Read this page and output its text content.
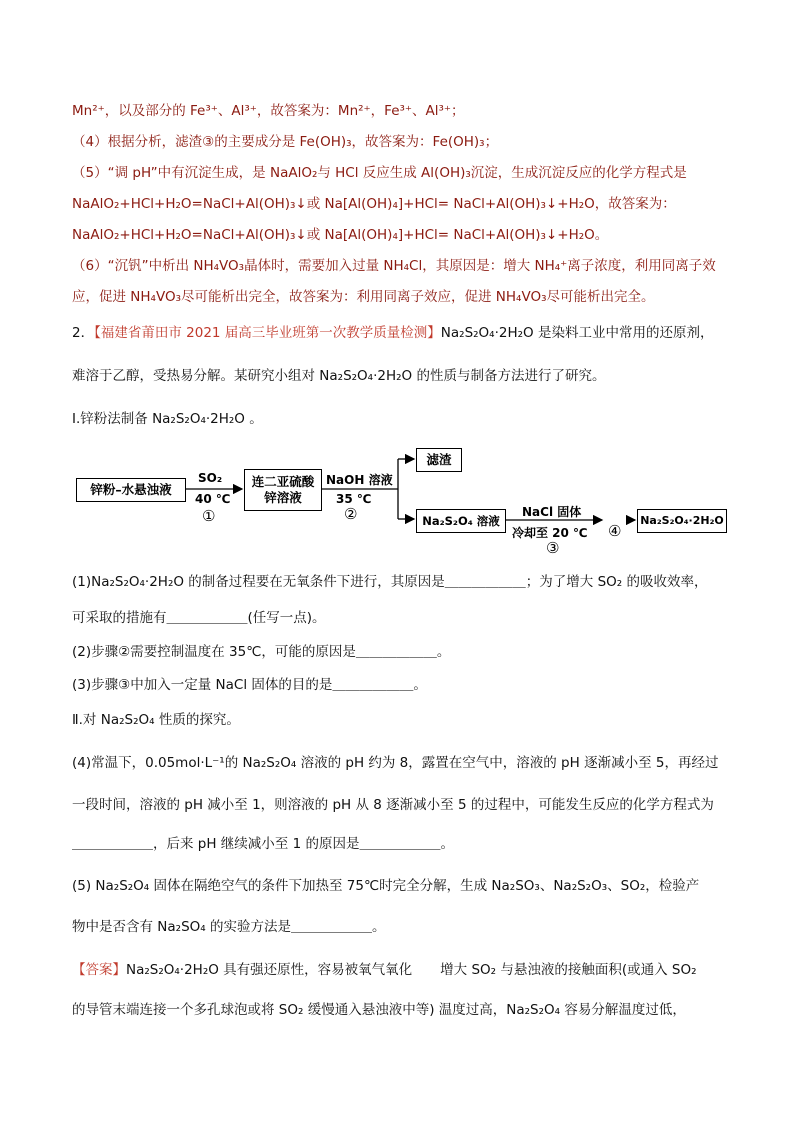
Mn²⁺，以及部分的 Fe³⁺、Al³⁺，故答案为：Mn²⁺，Fe³⁺、Al³⁺；
（4）根据分析，滤渣③的主要成分是 Fe(OH)₃，故答案为：Fe(OH)₃；
（5）“调 pH”中有沉淀生成，是 NaAlO₂与 HCl 反应生成 Al(OH)₃沉淀，生成沉淀反应的化学方程式是
NaAlO₂+HCl+H₂O=NaCl+Al(OH)₃↓或 Na[Al(OH)₄]+HCl= NaCl+Al(OH)₃↓+H₂O，故答案为：
NaAlO₂+HCl+H₂O=NaCl+Al(OH)₃↓或 Na[Al(OH)₄]+HCl= NaCl+Al(OH)₃↓+H₂O。
（6）“沉钒”中析出 NH₄VO₃晶体时，需要加入过量 NH₄Cl，其原因是：增大 NH₄⁺离子浓度，利用同离子效
应，促进 NH₄VO₃尽可能析出完全，故答案为：利用同离子效应，促进 NH₄VO₃尽可能析出完全。
2．【福建省莆田市 2021 届高三毕业班第一次教学质量检测】Na₂S₂O₄·2H₂O 是染料工业中常用的还原剂，
难溶于乙醇，受热易分解。某研究小组对 Na₂S₂O₄·2H₂O 的性质与制备方法进行了研究。
Ⅰ.锌粉法制备 Na₂S₂O₄·2H₂O 。
锌粉–水悬浊液
连二亚硫酸
锌溶液
滤渣
Na₂S₂O₄ 溶液	Na₂S₂O₄·2H₂O
SO₂
40 ℃
①
NaOH 溶液
35 ℃
②	NaCl 固体
冷却至 20 ℃
③
④
(1)Na₂S₂O₄·2H₂O 的制备过程要在无氧条件下进行，其原因是＿＿＿＿＿＿；为了增大 SO₂ 的吸收效率，
可采取的措施有＿＿＿＿＿＿(任写一点)。
(2)步骤②需要控制温度在 35℃，可能的原因是＿＿＿＿＿＿。
(3)步骤③中加入一定量 NaCl 固体的目的是＿＿＿＿＿＿。
Ⅱ.对 Na₂S₂O₄ 性质的探究。
(4)常温下，0.05mol·L⁻¹的 Na₂S₂O₄ 溶液的 pH 约为 8，露置在空气中，溶液的 pH 逐渐减小至 5，再经过
一段时间，溶液的 pH 减小至 1，则溶液的 pH 从 8 逐渐减小至 5 的过程中，可能发生反应的化学方程式为
＿＿＿＿＿＿，后来 pH 继续减小至 1 的原因是＿＿＿＿＿＿。
(5) Na₂S₂O₄ 固体在隔绝空气的条件下加热至 75℃时完全分解，生成 Na₂SO₃、Na₂S₂O₃、SO₂，检验产
物中是否含有 Na₂SO₄ 的实验方法是＿＿＿＿＿＿。
【答案】Na₂S₂O₄·2H₂O 具有强还原性，容易被氧气氧化 增大 SO₂ 与悬浊液的接触面积(或通入 SO₂
的导管末端连接一个多孔球泡或将 SO₂ 缓慢通入悬浊液中等) 温度过高，Na₂S₂O₄ 容易分解温度过低，
